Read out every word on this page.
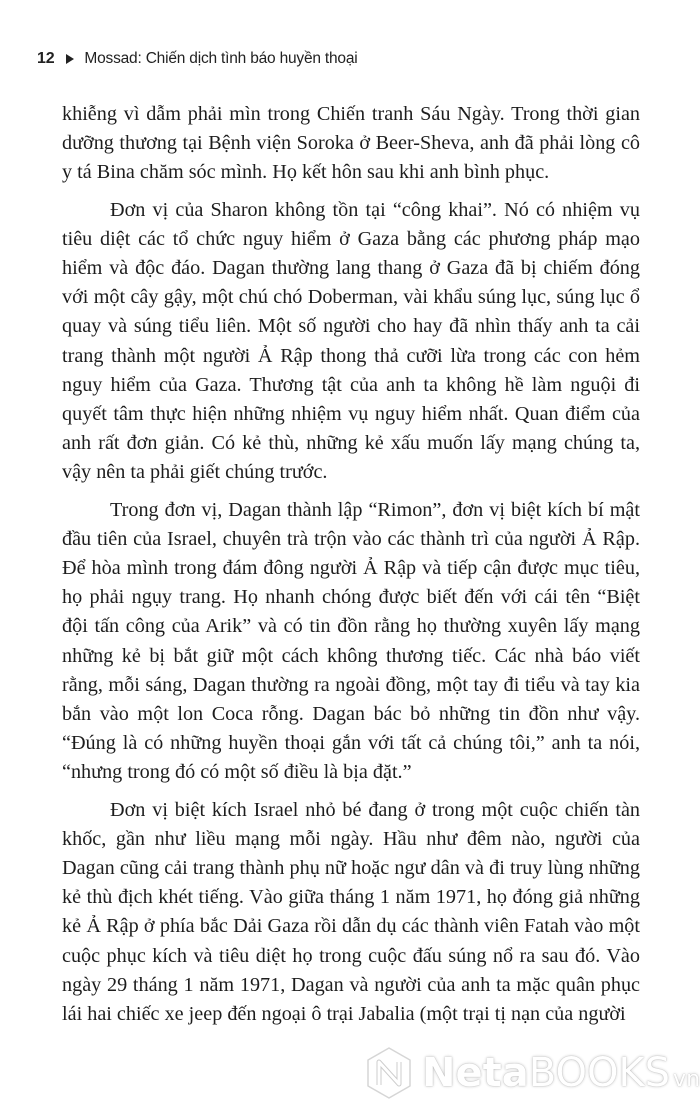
12 Mossad: Chiến dịch tình báo huyền thoại

khiễng vì dẫm phải mìn trong Chiến tranh Sáu Ngày. Trong thời gian dưỡng thương tại Bệnh viện Soroka ở Beer-Sheva, anh đã phải lòng cô y tá Bina chăm sóc mình. Họ kết hôn sau khi anh bình phục.

Đơn vị của Sharon không tồn tại “công khai”. Nó có nhiệm vụ tiêu diệt các tổ chức nguy hiểm ở Gaza bằng các phương pháp mạo hiểm và độc đáo. Dagan thường lang thang ở Gaza đã bị chiếm đóng với một cây gậy, một chú chó Doberman, vài khẩu súng lục, súng lục ổ quay và súng tiểu liên. Một số người cho hay đã nhìn thấy anh ta cải trang thành một người Ả Rập thong thả cưỡi lừa trong các con hẻm nguy hiểm của Gaza. Thương tật của anh ta không hề làm nguội đi quyết tâm thực hiện những nhiệm vụ nguy hiểm nhất. Quan điểm của anh rất đơn giản. Có kẻ thù, những kẻ xấu muốn lấy mạng chúng ta, vậy nên ta phải giết chúng trước.

Trong đơn vị, Dagan thành lập “Rimon”, đơn vị biệt kích bí mật đầu tiên của Israel, chuyên trà trộn vào các thành trì của người Ả Rập. Để hòa mình trong đám đông người Ả Rập và tiếp cận được mục tiêu, họ phải ngụy trang. Họ nhanh chóng được biết đến với cái tên “Biệt đội tấn công của Arik” và có tin đồn rằng họ thường xuyên lấy mạng những kẻ bị bắt giữ một cách không thương tiếc. Các nhà báo viết rằng, mỗi sáng, Dagan thường ra ngoài đồng, một tay đi tiểu và tay kia bắn vào một lon Coca rỗng. Dagan bác bỏ những tin đồn như vậy. “Đúng là có những huyền thoại gắn với tất cả chúng tôi,” anh ta nói, “nhưng trong đó có một số điều là bịa đặt.”

Đơn vị biệt kích Israel nhỏ bé đang ở trong một cuộc chiến tàn khốc, gần như liều mạng mỗi ngày. Hầu như đêm nào, người của Dagan cũng cải trang thành phụ nữ hoặc ngư dân và đi truy lùng những kẻ thù địch khét tiếng. Vào giữa tháng 1 năm 1971, họ đóng giả những kẻ Ả Rập ở phía bắc Dải Gaza rồi dẫn dụ các thành viên Fatah vào một cuộc phục kích và tiêu diệt họ trong cuộc đấu súng nổ ra sau đó. Vào ngày 29 tháng 1 năm 1971, Dagan và người của anh ta mặc quân phục lái hai chiếc xe jeep đến ngoại ô trại Jabalia (một trại tị nạn của người

NetaBOOKS vn
